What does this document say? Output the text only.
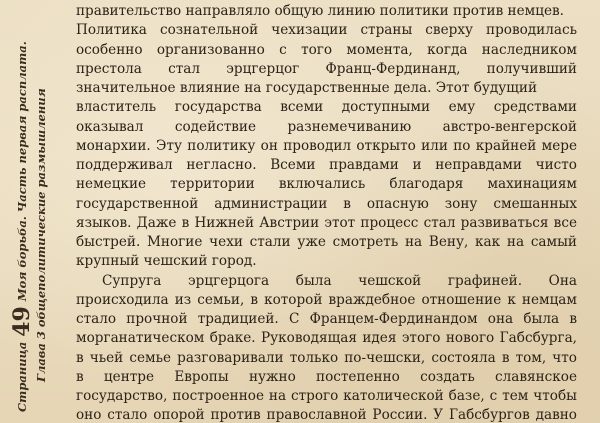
Страница
49
Моя борьба. Часть первая расплата. Глава 3 общеполитические размышления
правительство направляло общую линию политики против немцев.
Политика сознательной чехизации страны сверху проводилась
особенно организованно с того момента, когда наследником
престола стал эрцгерцог Франц-Фердинанд, получивший
значительное влияние на государственные дела. Этот будущий
властитель государства всеми доступными ему средствами
оказывал содействие разнемечиванию австро-венгерской
монархии. Эту политику он проводил открыто или по крайней мере
поддерживал негласно. Всеми правдами и неправдами чисто
немецкие территории включались благодаря махинациям
государственной администрации в опасную зону смешанных
языков. Даже в Нижней Австрии этот процесс стал развиваться все
быстрей. Многие чехи стали уже смотреть на Вену, как на самый
крупный чешский город.
Супруга эрцгерцога была чешской графиней. Она
происходила из семьи, в которой враждебное отношение к немцам
стало прочной традицией. С Францем-Фердинандом она была в
морганатическом браке. Руководящая идея этого нового Габсбурга,
в чьей семье разговаривали только по-чешски, состояла в том, что
в центре Европы нужно постепенно создать славянское
государство, построенное на строго католической базе, с тем чтобы
оно стало опорой против православной России. У Габсбургов давно
